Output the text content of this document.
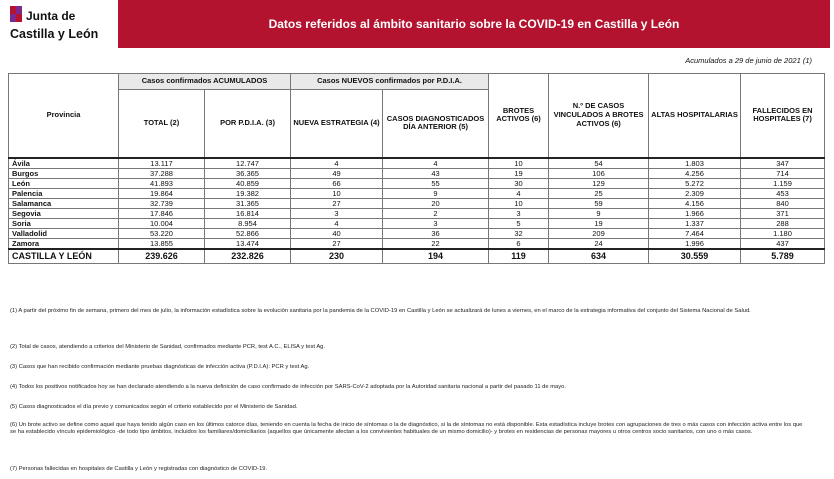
Junta de
Castilla y León
Datos referidos al ámbito sanitario sobre la COVID-19 en Castilla y León
Acumulados a 29 de junio de 2021 (1)
Provincia	Casos confirmados ACUMULADOS		Casos NUEVOS confirmados por P.D.I.A.		BROTES ACTIVOS (6)	N.º DE CASOS VINCULADOS A BROTES ACTIVOS (6)	ALTAS HOSPITALARIAS	FALLECIDOS EN HOSPITALES (7)
	TOTAL (2)	POR P.D.I.A. (3)	NUEVA ESTRATEGIA (4)	CASOS DIAGNOSTICADOS DÍA ANTERIOR (5)				
Ávila	13.117	12.747	4	4	10	54	1.803	347
Burgos	37.288	36.365	49	43	19	106	4.256	714
León	41.893	40.859	66	55	30	129	5.272	1.159
Palencia	19.864	19.382	10	9	4	25	2.309	453
Salamanca	32.739	31.365	27	20	10	59	4.156	840
Segovia	17.846	16.814	3	2	3	9	1.966	371
Soria	10.004	8.954	4	3	5	19	1.337	288
Valladolid	53.220	52.866	40	36	32	209	7.464	1.180
Zamora	13.855	13.474	27	22	6	24	1.996	437
CASTILLA Y LEÓN	239.626	232.826	230	194	119	634	30.559	5.789
(1) A partir del próximo fin de semana, primero del mes de julio, la información estadística sobre la evolución sanitaria por la pandemia de la COVID-19 en Castilla y León se actualizará de lunes a viernes, en el marco de la estrategia informativa del conjunto del Sistema Nacional de Salud.
(2) Total de casos, atendiendo a criterios del Ministerio de Sanidad, confirmados mediante PCR, test A.C., ELISA y test Ag.
(3) Casos que han recibido confirmación mediante pruebas diagnósticas de infección activa (P.D.I.A): PCR y test Ag.
(4) Todos los positivos notificados hoy se han declarado atendiendo a la nueva definición de caso confirmado de infección por SARS-CoV-2 adoptada por la Autoridad sanitaria nacional a partir del pasado 11 de mayo.
(5) Casos diagnosticados el día previo y comunicados según el criterio establecido por el Ministerio de Sanidad.
(6) Un brote activo se define como aquel que haya tenido algún caso en los últimos catorce días, teniendo en cuenta la fecha de inicio de síntomas o la de diagnóstico, si la de síntomas no está disponible. Esta estadística incluye brotes con agrupaciones de tres o más casos con infección activa entre los que se ha establecido vínculo epidemiológico -de todo tipo ámbitos, incluidos los familiares/domiciliarios (aquellos que únicamente afectan a los convivientes habituales de un mismo domicilio)- y brotes en residencias de personas mayores u otros centros socio sanitarios, con uno o más casos.
(7) Personas fallecidas en hospitales de Castilla y León y registradas con diagnóstico de COVID-19.
